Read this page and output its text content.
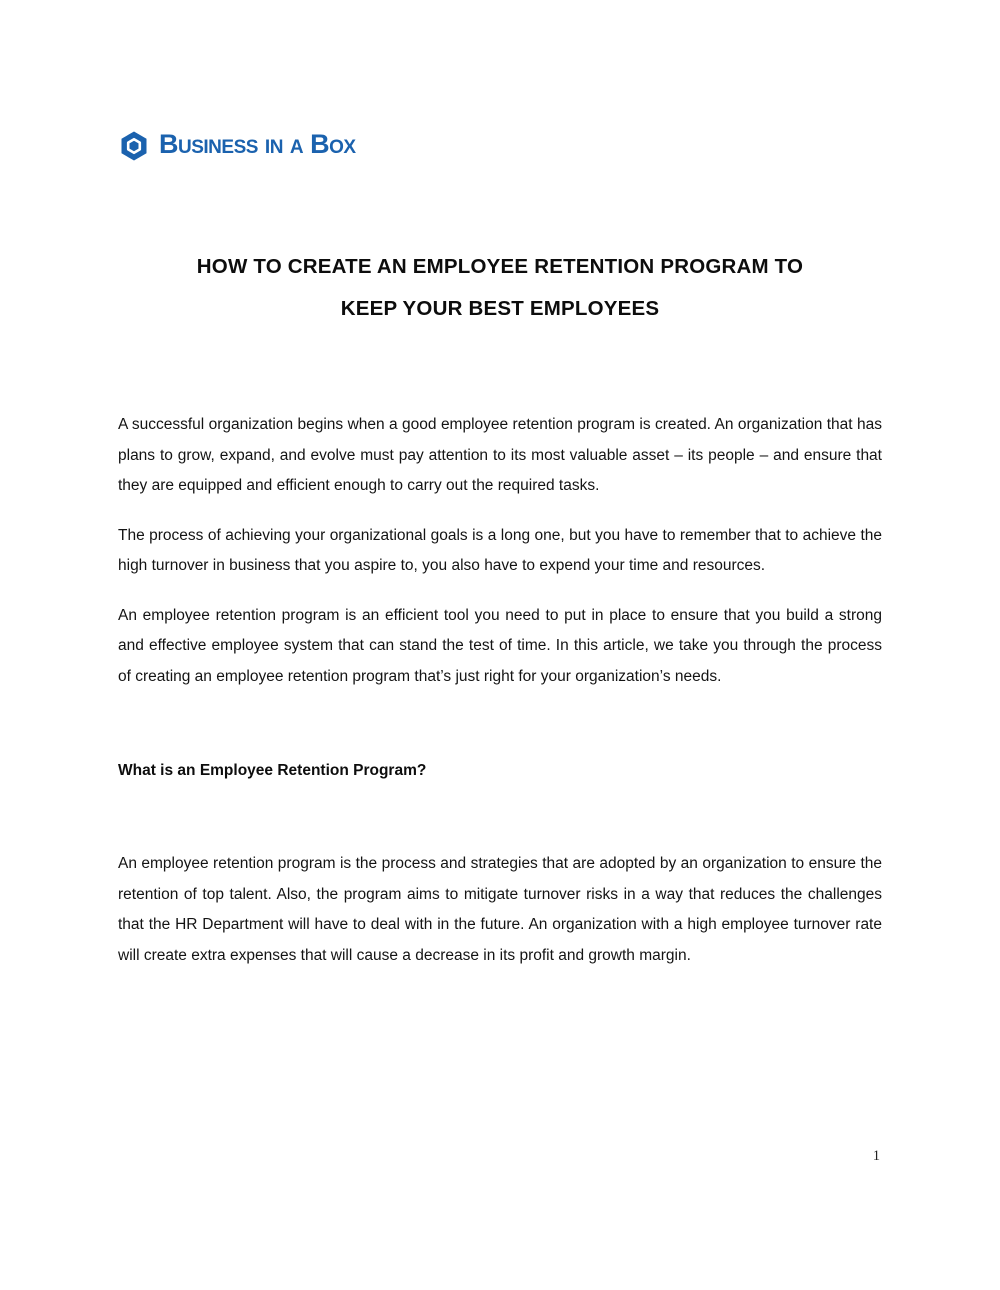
Business in a Box
HOW TO CREATE AN EMPLOYEE RETENTION PROGRAM TO
KEEP YOUR BEST EMPLOYEES

A successful organization begins when a good employee retention program is created. An organization that has plans to grow, expand, and evolve must pay attention to its most valuable asset – its people – and ensure that they are equipped and efficient enough to carry out the required tasks.

The process of achieving your organizational goals is a long one, but you have to remember that to achieve the high turnover in business that you aspire to, you also have to expend your time and resources.

An employee retention program is an efficient tool you need to put in place to ensure that you build a strong and effective employee system that can stand the test of time. In this article, we take you through the process of creating an employee retention program that’s just right for your organization’s needs.

What is an Employee Retention Program?

An employee retention program is the process and strategies that are adopted by an organization to ensure the retention of top talent. Also, the program aims to mitigate turnover risks in a way that reduces the challenges that the HR Department will have to deal with in the future. An organization with a high employee turnover rate will create extra expenses that will cause a decrease in its profit and growth margin.

1
